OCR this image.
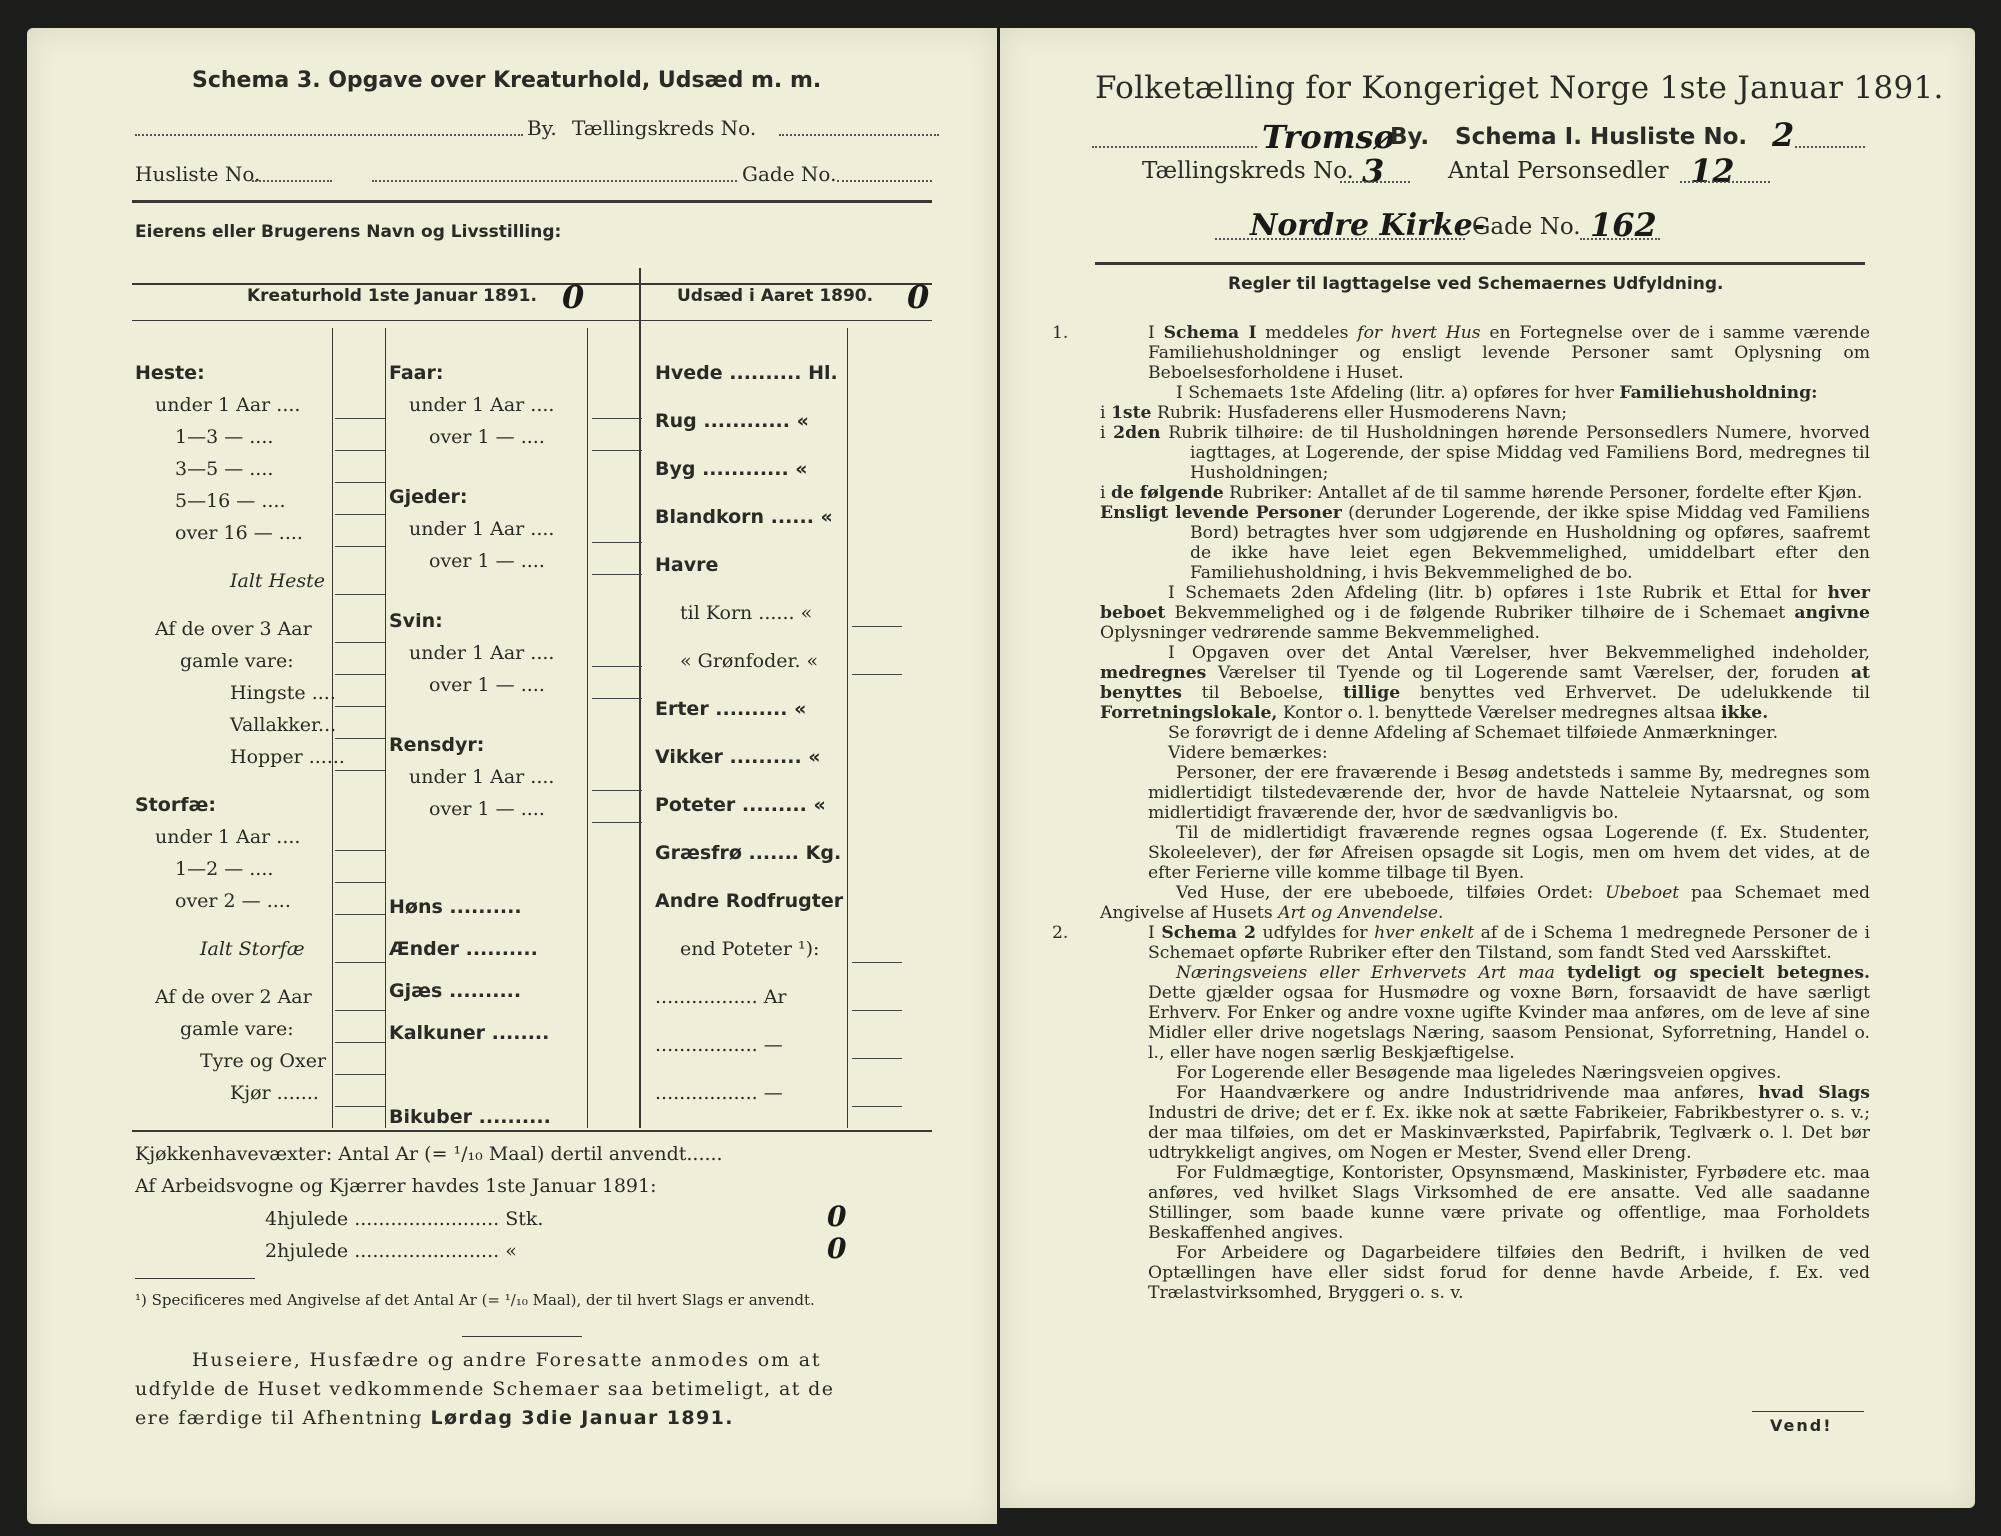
Schema 3. Opgave over Kreaturhold, Udsæd m. m.
By. Tællingskreds No.
Husliste No.	Gade No.
Eierens eller Brugerens Navn og Livsstilling:
Kreaturhold 1ste Januar 1891. 0	Udsæd i Aaret 1890. 0
Heste:
under 1 Aar ....
1—3 — ....
3—5 — ....
5—16 — ....
over 16 — ....
Ialt Heste
Af de over 3 Aar
gamle vare:
Hingste ....
Vallakker...
Hopper ......
Storfæ:
under 1 Aar ....
1—2 — ....
over 2 — ....
Ialt Storfæ
Af de over 2 Aar
gamle vare:
Tyre og Oxer
Kjør .......
Faar:
under 1 Aar ....
over 1 — ....
Gjeder:
under 1 Aar ....
over 1 — ....
Svin:
under 1 Aar ....
over 1 — ....
Rensdyr:
under 1 Aar ....
over 1 — ....
Høns ..........
Ænder ..........
Gjæs ..........
Kalkuner ........
Bikuber ..........
Hvede .......... Hl.
Rug ............ «
Byg ............ «
Blandkorn ...... «
Havre
til Korn ...... «
« Grønfoder. «
Erter .......... «
Vikker .......... «
Poteter ......... «
Græsfrø ....... Kg.
Andre Rodfrugter
end Poteter ¹):
................. Ar
................. —
................. —
Kjøkkenhavevæxter: Antal Ar (= ¹/₁₀ Maal) dertil anvendt......
Af Arbeidsvogne og Kjærrer havdes 1ste Januar 1891:
4hjulede ........................ Stk.	0
2hjulede ........................ «	0
¹) Specificeres med Angivelse af det Antal Ar (= ¹/₁₀ Maal), der til hvert Slags er anvendt.
Huseiere, Husfædre og andre Foresatte anmodes om at
udfylde de Huset vedkommende Schemaer saa betimeligt, at de
ere færdige til Afhentning Lørdag 3die Januar 1891.
Folketælling for Kongeriget Norge 1ste Januar 1891.
Tromsø
By. Schema I. Husliste No. 2
Tællingskreds No. 3	Antal Personsedler 12
Nordre Kirke-
Gade No. 162
Regler til Iagttagelse ved Schemaernes Udfyldning.

1.	I Schema I meddeles for hvert Hus en Fortegnelse over de i samme værende Familiehusholdninger og ensligt levende Personer samt Oplysning om Beboelsesforholdene i Huset.

I Schemaets 1ste Afdeling (litr. a) opføres for hver Familiehusholdning:

i 1ste Rubrik: Husfaderens eller Husmoderens Navn;

i 2den Rubrik tilhøire: de til Husholdningen hørende Personsedlers Numere, hvorved iagttages, at Logerende, der spise Middag ved Familiens Bord, medregnes til Husholdningen;

i de følgende Rubriker: Antallet af de til samme hørende Personer, fordelte efter Kjøn.

Ensligt levende Personer (derunder Logerende, der ikke spise Middag ved Familiens Bord) betragtes hver som udgjørende en Husholdning og opføres, saafremt de ikke have leiet egen Bekvemmelighed, umiddelbart efter den Familiehusholdning, i hvis Bekvemmelighed de bo.

I Schemaets 2den Afdeling (litr. b) opføres i 1ste Rubrik et Ettal for hver beboet Bekvemmelighed og i de følgende Rubriker tilhøire de i Schemaet angivne Oplysninger vedrørende samme Bekvemmelighed.

I Opgaven over det Antal Værelser, hver Bekvemmelighed indeholder, medregnes Værelser til Tyende og til Logerende samt Værelser, der, foruden at benyttes til Beboelse, tillige benyttes ved Erhvervet. De udelukkende til Forretningslokale, Kontor o. l. benyttede Værelser medregnes altsaa ikke.

Se forøvrigt de i denne Afdeling af Schemaet tilføiede Anmærkninger.

Videre bemærkes:

Personer, der ere fraværende i Besøg andetsteds i samme By, medregnes som midlertidigt tilstedeværende der, hvor de havde Natteleie Nytaarsnat, og som midlertidigt fraværende der, hvor de sædvanligvis bo.

Til de midlertidigt fraværende regnes ogsaa Logerende (f. Ex. Studenter, Skoleelever), der før Afreisen opsagde sit Logis, men om hvem det vides, at de efter Ferierne ville komme tilbage til Byen.

Ved Huse, der ere ubeboede, tilføies Ordet: Ubeboet paa Schemaet med Angivelse af Husets Art og Anvendelse.

2.	I Schema 2 udfyldes for hver enkelt af de i Schema 1 medregnede Personer de i Schemaet opførte Rubriker efter den Tilstand, som fandt Sted ved Aarsskiftet.

Næringsveiens eller Erhvervets Art maa tydeligt og specielt betegnes. Dette gjælder ogsaa for Husmødre og voxne Børn, forsaavidt de have særligt Erhverv. For Enker og andre voxne ugifte Kvinder maa anføres, om de leve af sine Midler eller drive nogetslags Næring, saasom Pensionat, Syforretning, Handel o. l., eller have nogen særlig Beskjæftigelse.

For Logerende eller Besøgende maa ligeledes Næringsveien opgives.

For Haandværkere og andre Industridrivende maa anføres, hvad Slags Industri de drive; det er f. Ex. ikke nok at sætte Fabrikeier, Fabrikbestyrer o. s. v.; der maa tilføies, om det er Maskinværksted, Papirfabrik, Teglværk o. l. Det bør udtrykkeligt angives, om Nogen er Mester, Svend eller Dreng.

For Fuldmægtige, Kontorister, Opsynsmænd, Maskinister, Fyrbødere etc. maa anføres, ved hvilket Slags Virksomhed de ere ansatte. Ved alle saadanne Stillinger, som baade kunne være private og offentlige, maa Forholdets Beskaffenhed angives.

For Arbeidere og Dagarbeidere tilføies den Bedrift, i hvilken de ved Optællingen have eller sidst forud for denne havde Arbeide, f. Ex. ved Trælastvirksomhed, Bryggeri o. s. v.

Vend!
